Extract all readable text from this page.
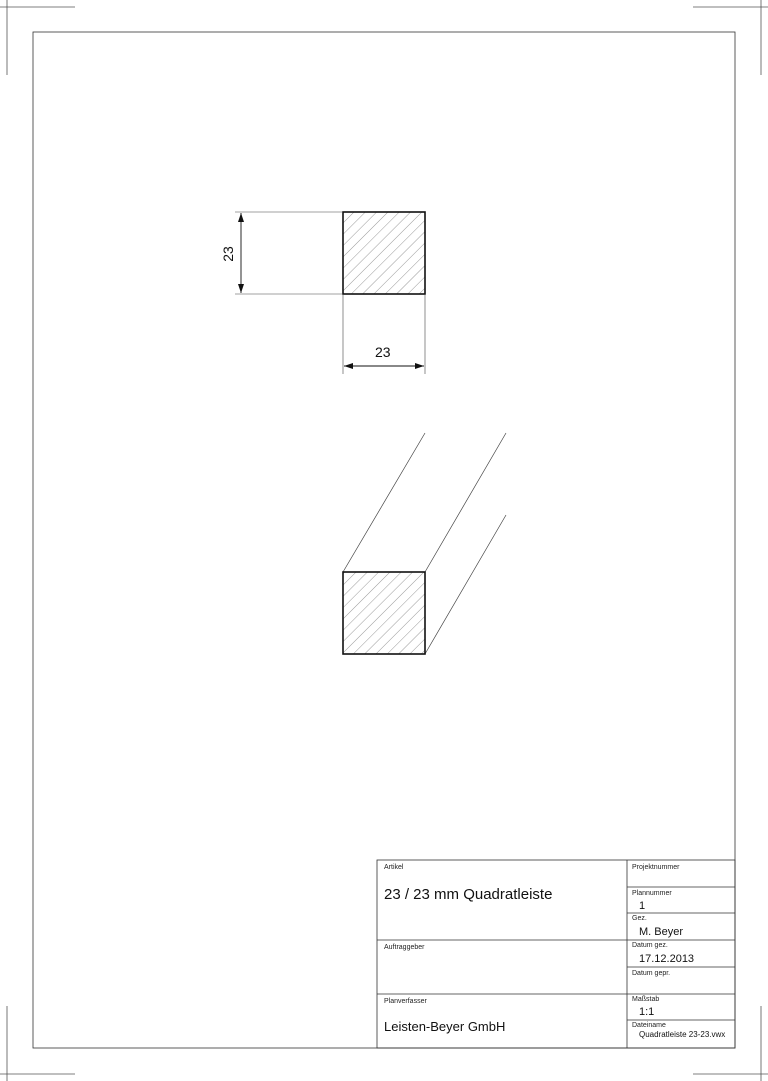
23
23
Artikel
23 / 23 mm Quadratleiste
Projektnummer
Plannummer
1
Gez.
M. Beyer
Auftraggeber	Datum gez.
17.12.2013
Datum gepr.
Planverfasser
Leisten-Beyer GmbH
Maßstab
1:1
Dateiname
Quadratleiste 23-23.vwx
